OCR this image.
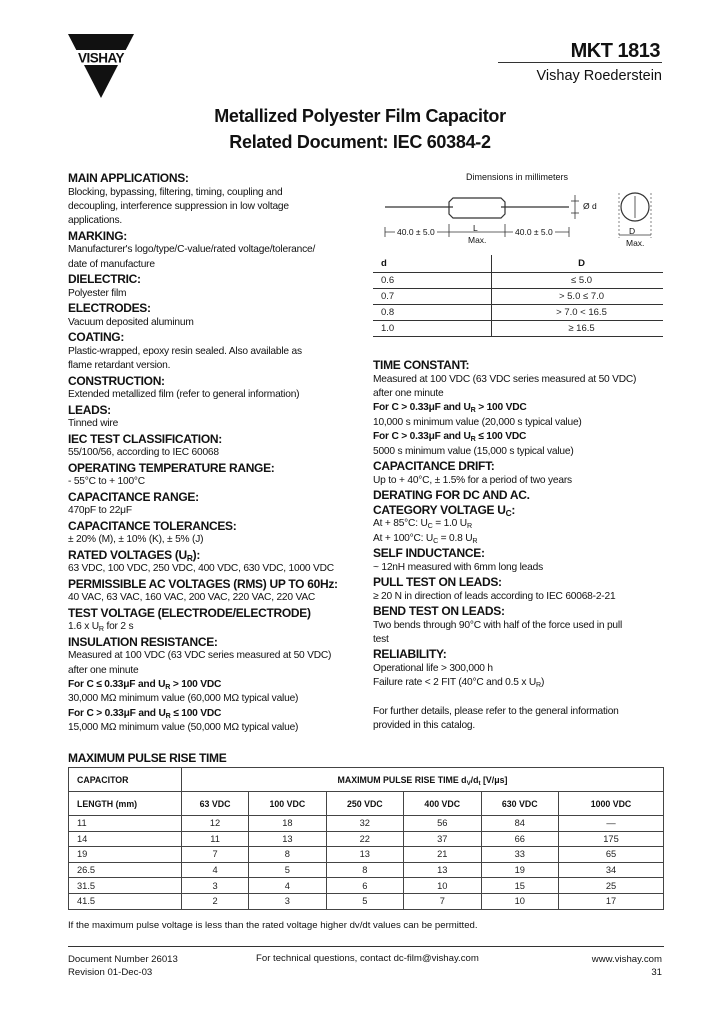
VISHAY	MKT 1813
Vishay Roederstein
Metallized Polyester Film Capacitor
Related Document: IEC 60384-2
MAIN APPLICATIONS:
Blocking, bypassing, filtering, timing, coupling and
decoupling, interference suppression in low voltage
applications.
MARKING:
Manufacturer's logo/type/C-value/rated voltage/tolerance/
date of manufacture
DIELECTRIC:
Polyester film
ELECTRODES:
Vacuum deposited aluminum
COATING:
Plastic-wrapped, epoxy resin sealed. Also available as
flame retardant version.
CONSTRUCTION:
Extended metallized film (refer to general information)
LEADS:
Tinned wire
IEC TEST CLASSIFICATION:
55/100/56, according to IEC 60068
OPERATING TEMPERATURE RANGE:
- 55°C to + 100°C
CAPACITANCE RANGE:
470pF to 22μF
CAPACITANCE TOLERANCES:
± 20% (M), ± 10% (K), ± 5% (J)
RATED VOLTAGES $(U_R)$:
63 VDC, 100 VDC, 250 VDC, 400 VDC, 630 VDC, 1000 VDC
PERMISSIBLE AC VOLTAGES (RMS) UP TO 60Hz:
40 VAC, 63 VAC, 160 VAC, 200 VAC, 220 VAC, 220 VAC
TEST VOLTAGE (ELECTRODE/ELECTRODE)
1.6 x $U_R$ for 2 s
INSULATION RESISTANCE:
Measured at 100 VDC (63 VDC series measured at 50 VDC)
after one minute
For C ≤ 0.33μF and $U_R > 100$ VDC
30,000 MΩ minimum value (60,000 MΩ typical value)
For C > 0.33μF and $U_R \le 100$ VDC
15,000 MΩ minimum value (50,000 MΩ typical value)
Dimensions in millimeters
40.0 ± 5.0	L
Max.
40.0 ± 5.0
Ø d
D
Max.
d	D
0.6	≤ 5.0
0.7	> 5.0 ≤ 7.0
0.8	> 7.0 < 16.5
1.0	≥ 16.5
TIME CONSTANT:
Measured at 100 VDC (63 VDC series measured at 50 VDC)
after one minute
For C > 0.33μF and $U_R > 100$ VDC
10,000 s minimum value (20,000 s typical value)
For C > 0.33μF and $U_R \le 100$ VDC
5000 s minimum value (15,000 s typical value)
CAPACITANCE DRIFT:
Up to + 40°C, ± 1.5% for a period of two years
DERATING FOR DC AND AC.
CATEGORY VOLTAGE $U_C$:
At + 85°C: $U_C = 1.0$ $U_R$
At + 100°C: $U_C = 0.8$ $U_R$
SELF INDUCTANCE:
~ 12nH measured with 6mm long leads
PULL TEST ON LEADS:
≥ 20 N in direction of leads according to IEC 60068-2-21
BEND TEST ON LEADS:
Two bends through 90°C with half of the force used in pull
test
RELIABILITY:
Operational life > 300,000 h
Failure rate < 2 FIT (40°C and 0.5 x $U_R$)
For further details, please refer to the general information
provided in this catalog.
MAXIMUM PULSE RISE TIME
CAPACITOR	MAXIMUM PULSE RISE TIME $d_V/d_t$ [V/μs]					
LENGTH (mm)	63 VDC	100 VDC	250 VDC	400 VDC	630 VDC	1000 VDC
11	12	18	32	56	84	—
14	11	13	22	37	66	175
19	7	8	13	21	33	65
26.5	4	5	8	13	19	34
31.5	3	4	6	10	15	25
41.5	2	3	5	7	10	17
If the maximum pulse voltage is less than the rated voltage higher dv/dt values can be permitted.
Document Number 26013
Revision 01-Dec-03
For technical questions, contact dc-film@vishay.com	www.vishay.com
31
